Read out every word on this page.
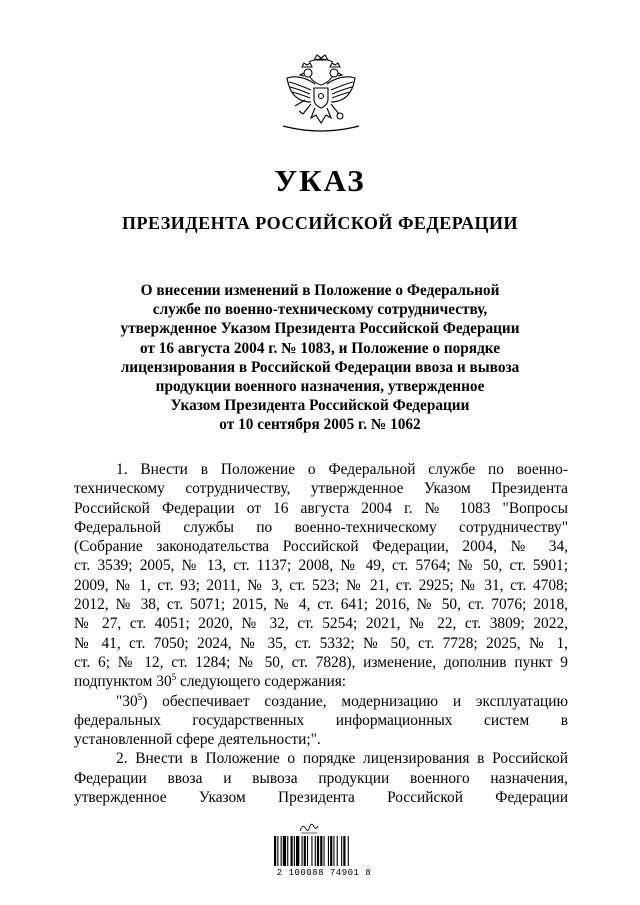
УКАЗ
ПРЕЗИДЕНТА РОССИЙСКОЙ ФЕДЕРАЦИИ
О внесении изменений в Положение о Федеральной
службе по военно-техническому сотрудничеству,
утвержденное Указом Президента Российской Федерации
от 16 августа 2004 г. № 1083, и Положение о порядке
лицензирования в Российской Федерации ввоза и вывоза
продукции военного назначения, утвержденное
Указом Президента Российской Федерации
от 10 сентября 2005 г. № 1062
1. Внести в Положение о Федеральной службе по военно-
техническому сотрудничеству, утвержденное Указом Президента
Российской Федерации от 16 августа 2004 г. № 1083 "Вопросы
Федеральной службы по военно-техническому сотрудничеству"
(Собрание законодательства Российской Федерации, 2004, № 34,
ст. 3539; 2005, № 13, ст. 1137; 2008, № 49, ст. 5764; № 50, ст. 5901;
2009, № 1, ст. 93; 2011, № 3, ст. 523; № 21, ст. 2925; № 31, ст. 4708;
2012, № 38, ст. 5071; 2015, № 4, ст. 641; 2016, № 50, ст. 7076; 2018,
№ 27, ст. 4051; 2020, № 32, ст. 5254; 2021, № 22, ст. 3809; 2022,
№ 41, ст. 7050; 2024, № 35, ст. 5332; № 50, ст. 7728; 2025, № 1,
ст. 6; № 12, ст. 1284; № 50, ст. 7828), изменение, дополнив пункт 9
подпунктом $30^5$ следующего содержания:
"$30^5$) обеспечивает создание, модернизацию и эксплуатацию
федеральных государственных информационных систем в
установленной сфере деятельности;".
2. Внести в Положение о порядке лицензирования в Российской
Федерации ввоза и вывоза продукции военного назначения,
утвержденное Указом Президента Российской Федерации
2 100088 74901 8
